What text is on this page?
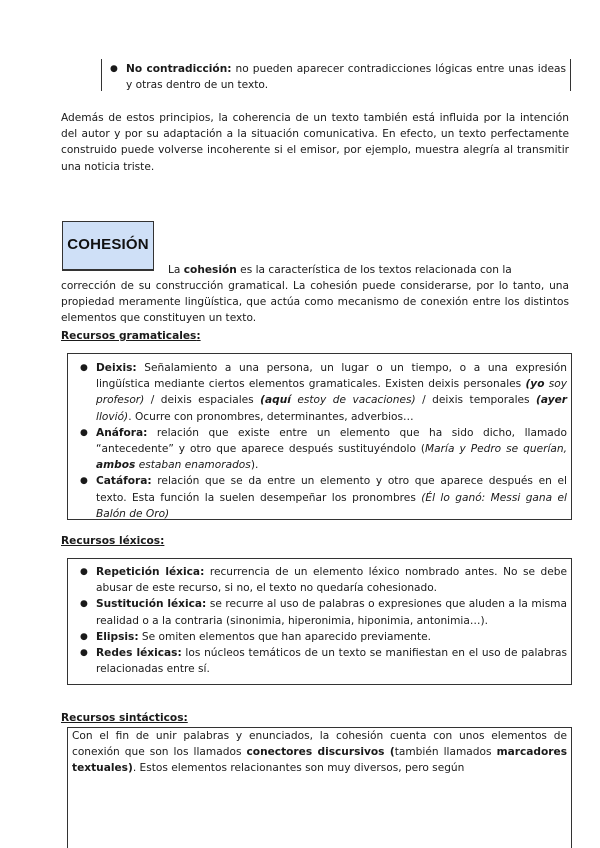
● No contradicción: no pueden aparecer contradicciones lógicas entre unas ideas y otras dentro de un texto.
Además de estos principios, la coherencia de un texto también está influida por la intención del autor y por su adaptación a la situación comunicativa. En efecto, un texto perfectamente construido puede volverse incoherente si el emisor, por ejemplo, muestra alegría al transmitir una noticia triste.
COHESIÓN
La cohesión es la característica de los textos relacionada con la
corrección de su construcción gramatical. La cohesión puede considerarse, por lo tanto, una propiedad meramente lingüística, que actúa como mecanismo de conexión entre los distintos elementos que constituyen un texto.
Recursos gramaticales:
● Deixis: Señalamiento a una persona, un lugar o un tiempo, o a una expresión lingüística mediante ciertos elementos gramaticales. Existen deixis personales (yo soy profesor) / deixis espaciales (aquí estoy de vacaciones) / deixis temporales (ayer llovió). Ocurre con pronombres, determinantes, adverbios…
● Anáfora: relación que existe entre un elemento que ha sido dicho, llamado “antecedente” y otro que aparece después sustituyéndolo (María y Pedro se querían, ambos estaban enamorados).
● Catáfora: relación que se da entre un elemento y otro que aparece después en el texto. Esta función la suelen desempeñar los pronombres (Él lo ganó: Messi gana el Balón de Oro)
Recursos léxicos:
● Repetición léxica: recurrencia de un elemento léxico nombrado antes. No se debe abusar de este recurso, si no, el texto no quedaría cohesionado.
● Sustitución léxica: se recurre al uso de palabras o expresiones que aluden a la misma realidad o a la contraria (sinonimia, hiperonimia, hiponimia, antonimia…).
● Elipsis: Se omiten elementos que han aparecido previamente.
● Redes léxicas: los núcleos temáticos de un texto se manifiestan en el uso de palabras relacionadas entre sí.
Recursos sintácticos:
Con el fin de unir palabras y enunciados, la cohesión cuenta con unos elementos de conexión que son los llamados conectores discursivos (también llamados marcadores textuales). Estos elementos relacionantes son muy diversos, pero según
